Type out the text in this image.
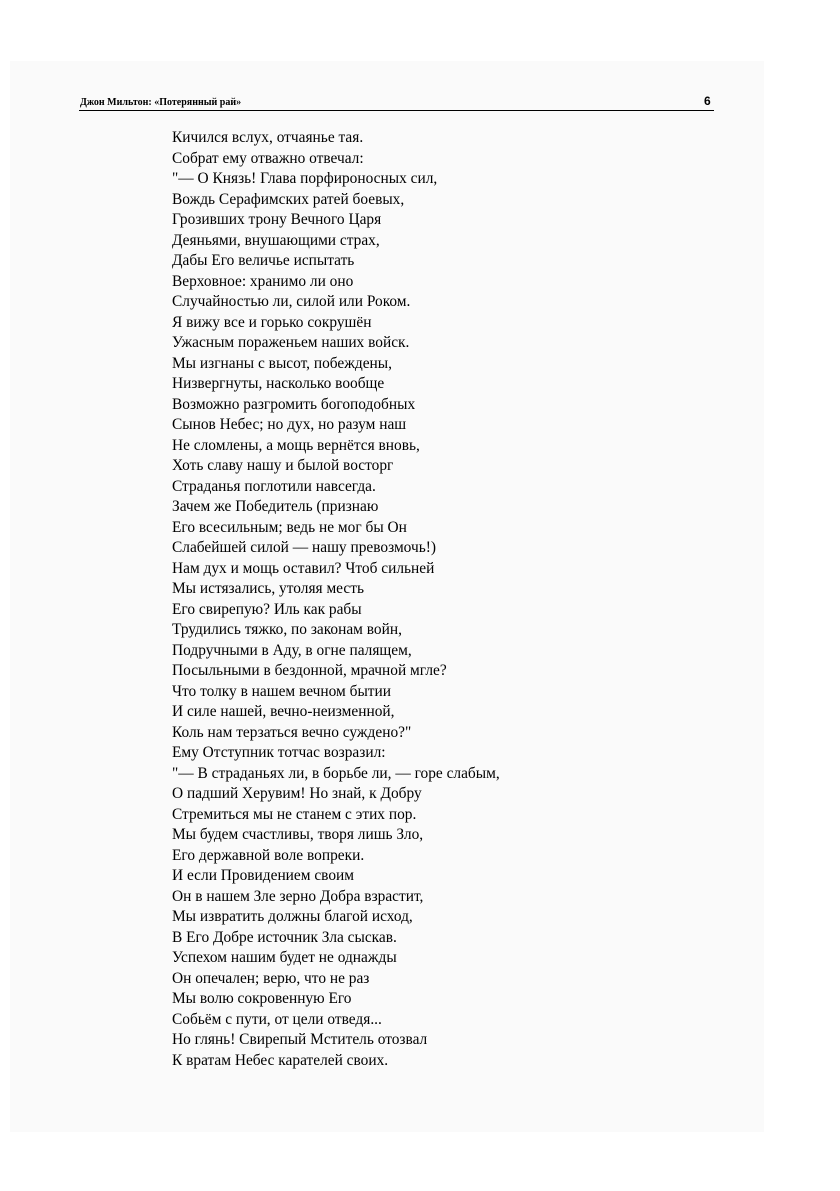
Джон Мильтон: «Потерянный рай»	6
Кичился вслух, отчаянье тая.
Собрат ему отважно отвечал:
"— О Князь! Глава порфироносных сил,
Вождь Серафимских ратей боевых,
Грозивших трону Вечного Царя
Деяньями, внушающими страх,
Дабы Его величье испытать
Верховное: хранимо ли оно
Случайностью ли, силой или Роком.
Я вижу все и горько сокрушён
Ужасным пораженьем наших войск.
Мы изгнаны с высот, побеждены,
Низвергнуты, насколько вообще
Возможно разгромить богоподобных
Сынов Небес; но дух, но разум наш
Не сломлены, а мощь вернётся вновь,
Хоть славу нашу и былой восторг
Страданья поглотили навсегда.
Зачем же Победитель (признаю
Его всесильным; ведь не мог бы Он
Слабейшей силой — нашу превозмочь!)
Нам дух и мощь оставил? Чтоб сильней
Мы истязались, утоляя месть
Его свирепую? Иль как рабы
Трудились тяжко, по законам войн,
Подручными в Аду, в огне палящем,
Посыльными в бездонной, мрачной мгле?
Что толку в нашем вечном бытии
И силе нашей, вечно-неизменной,
Коль нам терзаться вечно суждено?"
Ему Отступник тотчас возразил:
"— В страданьях ли, в борьбе ли, — горе слабым,
О падший Херувим! Но знай, к Добру
Стремиться мы не станем с этих пор.
Мы будем счастливы, творя лишь Зло,
Его державной воле вопреки.
И если Провидением своим
Он в нашем Зле зерно Добра взрастит,
Мы извратить должны благой исход,
В Его Добре источник Зла сыскав.
Успехом нашим будет не однажды
Он опечален; верю, что не раз
Мы волю сокровенную Его
Собьём с пути, от цели отведя...
Но глянь! Свирепый Мститель отозвал
К вратам Небес карателей своих.
